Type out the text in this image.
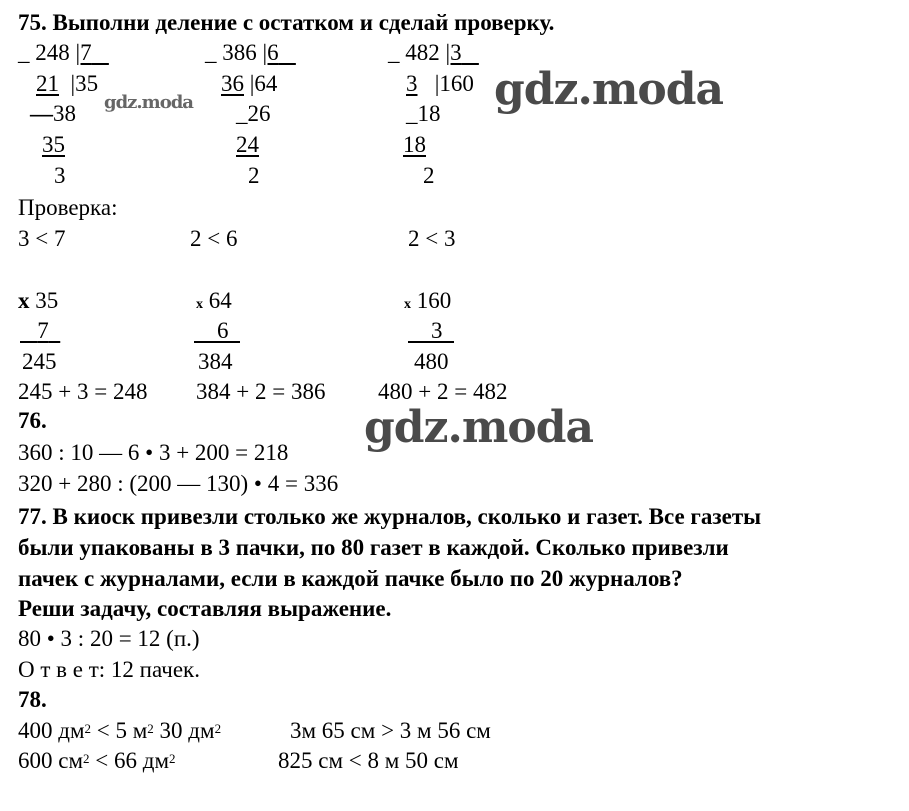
75. Выполни деление с остатком и сделай проверку.
_ 248 |7
21 |35
—38
35
3
_ 386 |6
36 |64
_26
24
2
_ 482 |3
3 |160
_18
18
2
Проверка:
3 < 7	2 < 6	2 < 3
x 35
7
245
x 64
6
384
x 160
3
480
245 + 3 = 248 384 + 2 = 386 480 + 2 = 482
76.
360 : 10 — 6 • 3 + 200 = 218
320 + 280 : (200 — 130) • 4 = 336
77. В киоск привезли столько же журналов, сколько и газет. Все газеты
были упакованы в 3 пачки, по 80 газет в каждой. Сколько привезли
пачек с журналами, если в каждой пачке было по 20 журналов?
Реши задачу, составляя выражение.
80 • 3 : 20 = 12 (п.)
О т в е т: 12 пачек.
78.
400 $дм^2 < 5$ $м^2$ 30 $дм^2$	3м 65 см > 3 м 56 см
600 $см^2 < 66$ $дм^2$	825 см < 8 м 50 см
gdz.moda	gdz.moda
gdz.moda
